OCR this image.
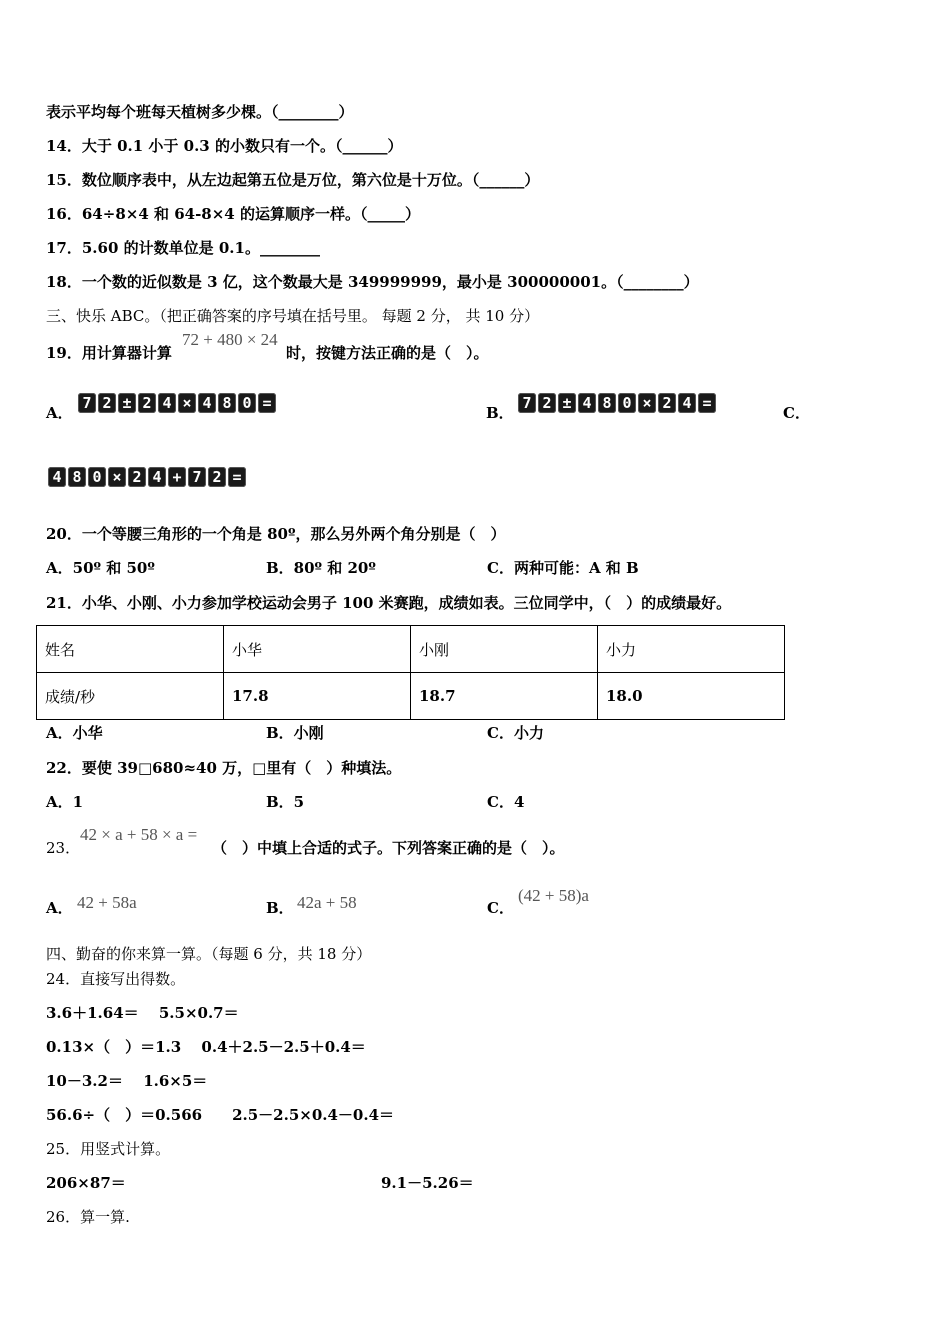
表示平均每个班每天植树多少棵。（________）
14．大于 0.1 小于 0.3 的小数只有一个。（______）
15．数位顺序表中，从左边起第五位是万位，第六位是十万位。（______）
16．64÷8×4 和 64-8×4 的运算顺序一样。（_____）
17．5.60 的计数单位是 0.1。________
18．一个数的近似数是 3 亿，这个数最大是 349999999，最小是 300000001。（________）
三、快乐 ABC。（把正确答案的序号填在括号里。 每题 2 分， 共 10 分）
19．用计算器计算
72 + 480 × 24
时，按键方法正确的是（　）。
A．
7 2 ± 2 4 × 4 8 0 =
B．
7 2 ± 4 8 0 × 2 4 =
C．
4 8 0 × 2 4 + 7 2 =
20．一个等腰三角形的一个角是 80º，那么另外两个角分别是（　）
A．50º 和 50º	B．80º 和 20º	C．两种可能：A 和 B
21．小华、小刚、小力参加学校运动会男子 100 米赛跑，成绩如表。三位同学中，（　）的成绩最好。
姓名	小华	小刚	小力
成绩/秒	17.8	18.7	18.0
A．小华	B．小刚	C．小力
22．要使 39□680≈40 万，□里有（　）种填法。
A．1	B．5	C．4
23．
42 × a + 58 × a =
（　）中填上合适的式子。下列答案正确的是（　）。
A． 42 + 58a	B． 42a + 58	C．
(42 + 58)a
四、勤奋的你来算一算。（每题 6 分，共 18 分）
24．直接写出得数。
3.6＋1.64＝　 5.5×0.7＝
0.13×（　）＝1.3　 0.4＋2.5－2.5＋0.4＝
10－3.2＝　 1.6×5＝
56.6÷（　）＝0.566　　2.5－2.5×0.4－0.4＝
25．用竖式计算。
206×87＝	9.1－5.26＝
26．算一算.
